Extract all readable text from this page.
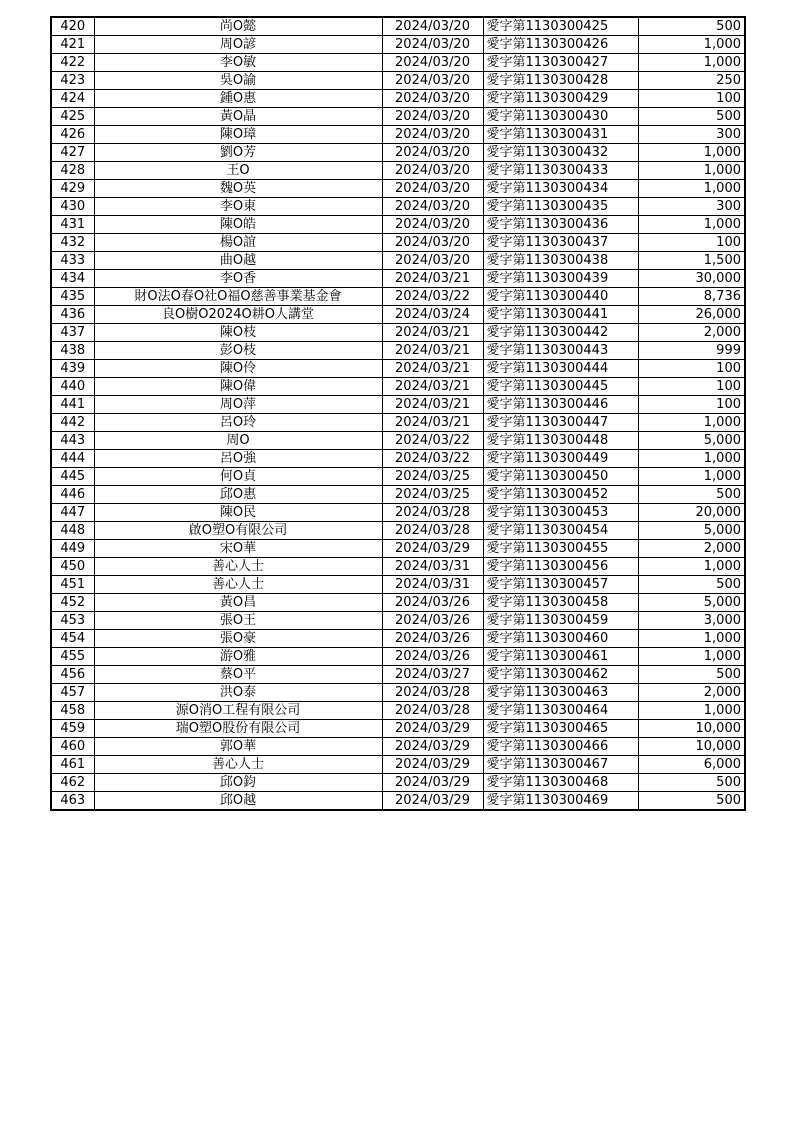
420	尚O懿	2024/03/20	愛字第1130300425	500
421	周O諺	2024/03/20	愛字第1130300426	1,000
422	李O敏	2024/03/20	愛字第1130300427	1,000
423	吳O諭	2024/03/20	愛字第1130300428	250
424	鍾O惠	2024/03/20	愛字第1130300429	100
425	黃O晶	2024/03/20	愛字第1130300430	500
426	陳O璋	2024/03/20	愛字第1130300431	300
427	劉O芳	2024/03/20	愛字第1130300432	1,000
428	王O	2024/03/20	愛字第1130300433	1,000
429	魏O英	2024/03/20	愛字第1130300434	1,000
430	李O東	2024/03/20	愛字第1130300435	300
431	陳O皓	2024/03/20	愛字第1130300436	1,000
432	楊O誼	2024/03/20	愛字第1130300437	100
433	曲O越	2024/03/20	愛字第1130300438	1,500
434	李O香	2024/03/21	愛字第1130300439	30,000
435	財O法O春O社O福O慈善事業基金會	2024/03/22	愛字第1130300440	8,736
436	良O樹O2024O耕O人講堂	2024/03/24	愛字第1130300441	26,000
437	陳O枝	2024/03/21	愛字第1130300442	2,000
438	彭O枝	2024/03/21	愛字第1130300443	999
439	陳O伶	2024/03/21	愛字第1130300444	100
440	陳O偉	2024/03/21	愛字第1130300445	100
441	周O萍	2024/03/21	愛字第1130300446	100
442	呂O玲	2024/03/21	愛字第1130300447	1,000
443	周O	2024/03/22	愛字第1130300448	5,000
444	呂O強	2024/03/22	愛字第1130300449	1,000
445	何O貞	2024/03/25	愛字第1130300450	1,000
446	邱O惠	2024/03/25	愛字第1130300452	500
447	陳O民	2024/03/28	愛字第1130300453	20,000
448	啟O塑O有限公司	2024/03/28	愛字第1130300454	5,000
449	宋O華	2024/03/29	愛字第1130300455	2,000
450	善心人士	2024/03/31	愛字第1130300456	1,000
451	善心人士	2024/03/31	愛字第1130300457	500
452	黃O昌	2024/03/26	愛字第1130300458	5,000
453	張O王	2024/03/26	愛字第1130300459	3,000
454	張O豪	2024/03/26	愛字第1130300460	1,000
455	游O雅	2024/03/26	愛字第1130300461	1,000
456	蔡O平	2024/03/27	愛字第1130300462	500
457	洪O泰	2024/03/28	愛字第1130300463	2,000
458	源O消O工程有限公司	2024/03/28	愛字第1130300464	1,000
459	瑞O塑O股份有限公司	2024/03/29	愛字第1130300465	10,000
460	郭O華	2024/03/29	愛字第1130300466	10,000
461	善心人士	2024/03/29	愛字第1130300467	6,000
462	邱O鈞	2024/03/29	愛字第1130300468	500
463	邱O越	2024/03/29	愛字第1130300469	500
